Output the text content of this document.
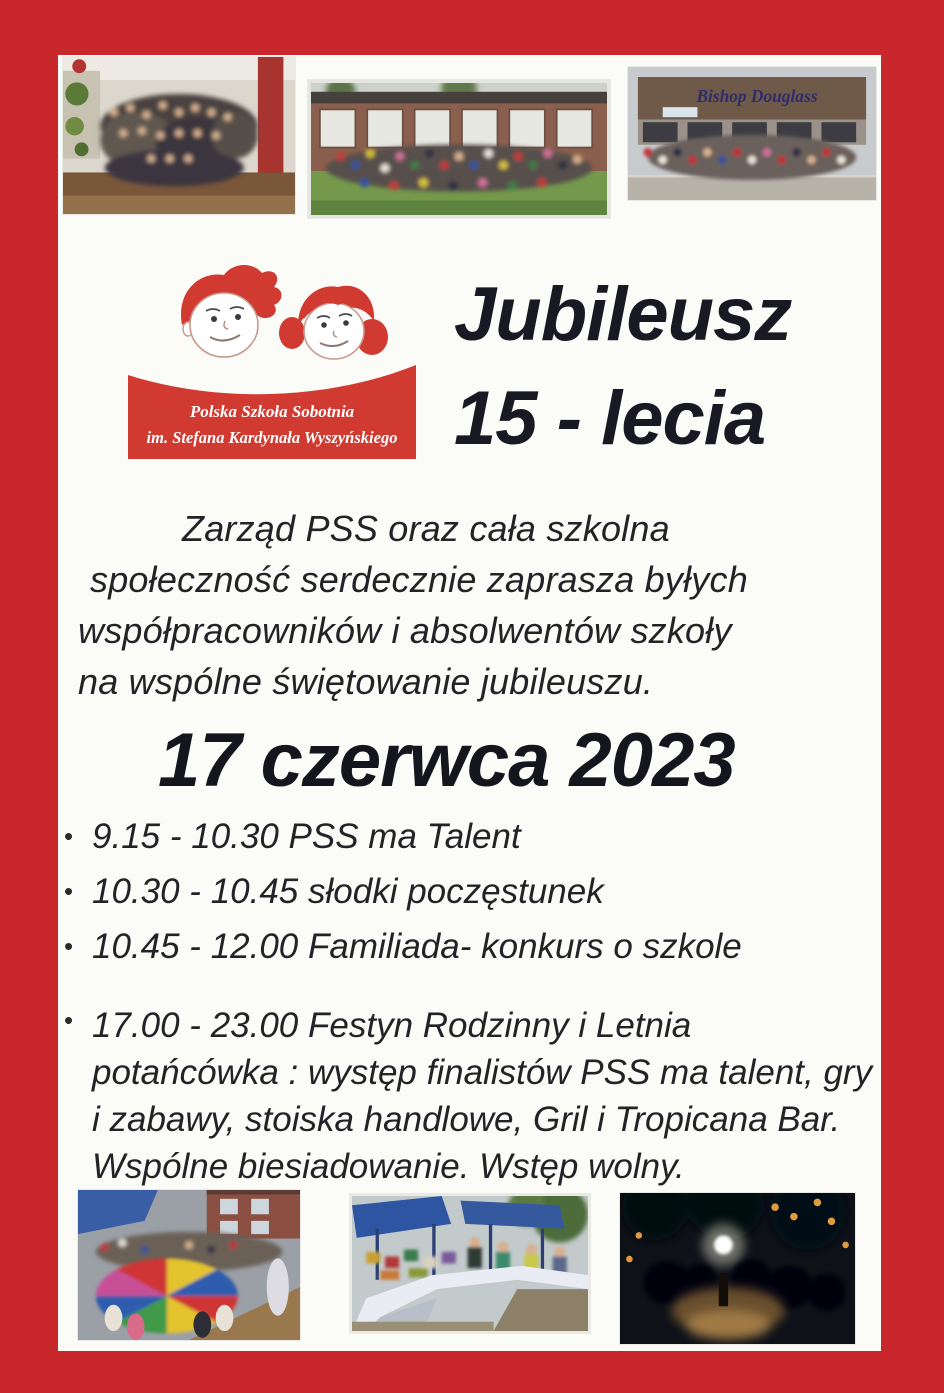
Bishop Douglass
Polska Szkoła Sobotnia
im. Stefana Kardynała Wyszyńskiego
Jubileusz
15 - lecia
Zarząd PSS oraz cała szkolna
społeczność serdecznie zaprasza byłych
współpracowników i absolwentów szkoły
na wspólne świętowanie jubileuszu.
17 czerwca 2023
• 9.15 - 10.30 PSS ma Talent
• 10.30 - 10.45 słodki poczęstunek
• 10.45 - 12.00 Familiada- konkurs o szkole
• 17.00 - 23.00 Festyn Rodzinny i Letnia
potańcówka : występ finalistów PSS ma talent, gry
i zabawy, stoiska handlowe, Gril i Tropicana Bar.
Wspólne biesiadowanie. Wstęp wolny.
